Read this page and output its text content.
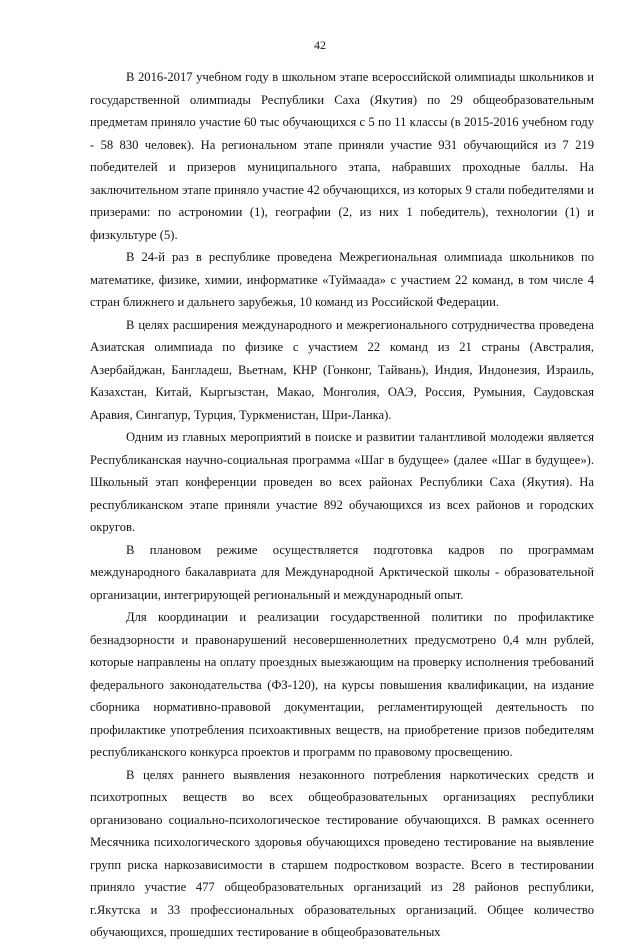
42

В 2016-2017 учебном году в школьном этапе всероссийской олимпиады школьников и государственной олимпиады Республики Саха (Якутия) по 29 общеобразовательным предметам приняло участие 60 тыс обучающихся с 5 по 11 классы (в 2015-2016 учебном году - 58 830 человек). На региональном этапе приняли участие 931 обучающийся из 7 219 победителей и призеров муниципального этапа, набравших проходные баллы. На заключительном этапе приняло участие 42 обучающихся, из которых 9 стали победителями и призерами: по астрономии (1), географии (2, из них 1 победитель), технологии (1) и физкультуре (5).

В 24-й раз в республике проведена Межрегиональная олимпиада школьников по математике, физике, химии, информатике «Туймаада» с участием 22 команд, в том числе 4 стран ближнего и дальнего зарубежья, 10 команд из Российской Федерации.

В целях расширения международного и межрегионального сотрудничества проведена Азиатская олимпиада по физике с участием 22 команд из 21 страны (Австралия, Азербайджан, Бангладеш, Вьетнам, КНР (Гонконг, Тайвань), Индия, Индонезия, Израиль, Казахстан, Китай, Кыргызстан, Макао, Монголия, ОАЭ, Россия, Румыния, Саудовская Аравия, Сингапур, Турция, Туркменистан, Шри-Ланка).

Одним из главных мероприятий в поиске и развитии талантливой молодежи является Республиканская научно-социальная программа «Шаг в будущее» (далее «Шаг в будущее»). Школьный этап конференции проведен во всех районах Республики Саха (Якутия). На республиканском этапе приняли участие 892 обучающихся из всех районов и городских округов.

В плановом режиме осуществляется подготовка кадров по программам международного бакалавриата для Международной Арктической школы - образовательной организации, интегрирующей региональный и международный опыт.

Для координации и реализации государственной политики по профилактике безнадзорности и правонарушений несовершеннолетних предусмотрено 0,4 млн рублей, которые направлены на оплату проездных выезжающим на проверку исполнения требований федерального законодательства (ФЗ-120), на курсы повышения квалификации, на издание сборника нормативно-правовой документации, регламентирующей деятельность по профилактике употребления психоактивных веществ, на приобретение призов победителям республиканского конкурса проектов и программ по правовому просвещению.

В целях раннего выявления незаконного потребления наркотических средств и психотропных веществ во всех общеобразовательных организациях республики организовано социально-психологическое тестирование обучающихся. В рамках осеннего Месячника психологического здоровья обучающихся проведено тестирование на выявление групп риска наркозависимости в старшем подростковом возрасте. Всего в тестировании приняло участие 477 общеобразовательных организаций из 28 районов республики, г.Якутска и 33 профессиональных образовательных организаций. Общее количество обучающихся, прошедших тестирование в общеобразовательных
